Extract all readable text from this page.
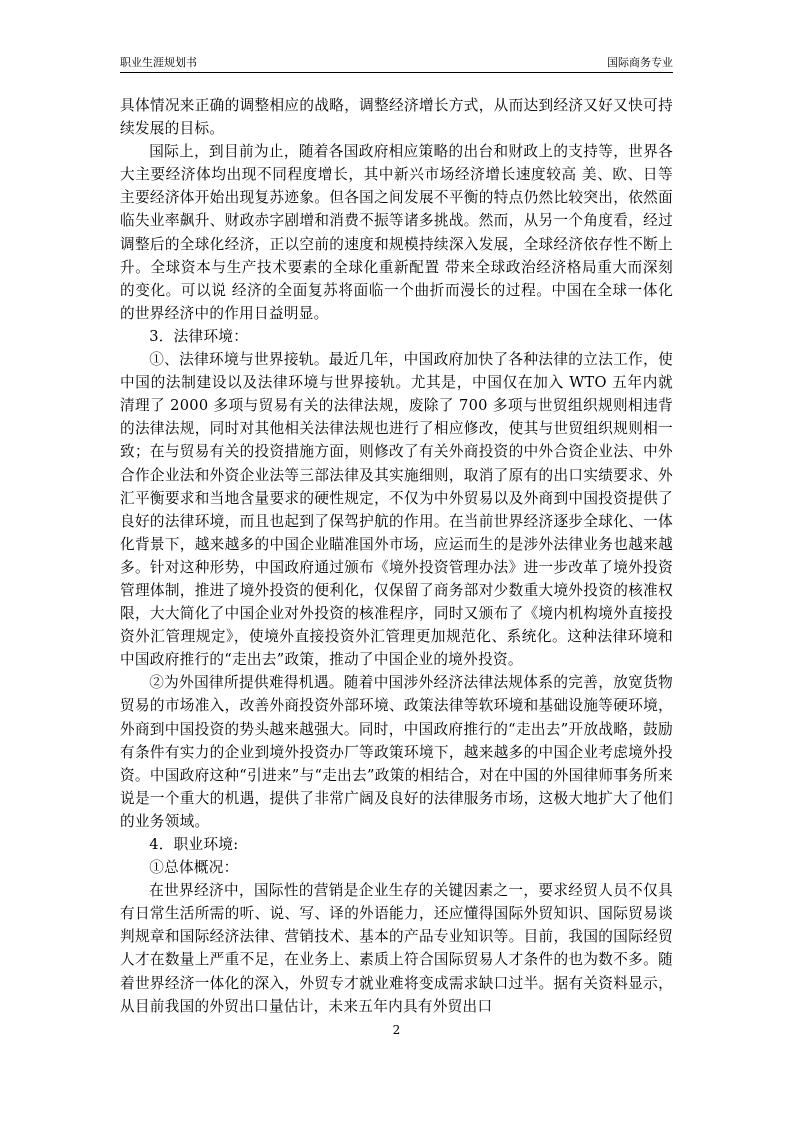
职业生涯规划书	国际商务专业

具体情况来正确的调整相应的战略，调整经济增长方式，从而达到经济又好又快可持续发展的目标。

国际上，到目前为止，随着各国政府相应策略的出台和财政上的支持等，世界各大主要经济体均出现不同程度增长，其中新兴市场经济增长速度较高 美、欧、日等主要经济体开始出现复苏迹象。但各国之间发展不平衡的特点仍然比较突出，依然面临失业率飙升、财政赤字剧增和消费不振等诸多挑战。然而，从另一个角度看，经过调整后的全球化经济，正以空前的速度和规模持续深入发展，全球经济依存性不断上升。全球资本与生产技术要素的全球化重新配置 带来全球政治经济格局重大而深刻的变化。可以说 经济的全面复苏将面临一个曲折而漫长的过程。中国在全球一体化的世界经济中的作用日益明显。

3．法律环境：

①、法律环境与世界接轨。最近几年，中国政府加快了各种法律的立法工作，使中国的法制建设以及法律环境与世界接轨。尤其是，中国仅在加入 WTO 五年内就清理了 2000 多项与贸易有关的法律法规，废除了 700 多项与世贸组织规则相违背的法律法规，同时对其他相关法律法规也进行了相应修改，使其与世贸组织规则相一致；在与贸易有关的投资措施方面，则修改了有关外商投资的中外合资企业法、中外合作企业法和外资企业法等三部法律及其实施细则，取消了原有的出口实绩要求、外汇平衡要求和当地含量要求的硬性规定，不仅为中外贸易以及外商到中国投资提供了良好的法律环境，而且也起到了保驾护航的作用。在当前世界经济逐步全球化、一体化背景下，越来越多的中国企业瞄准国外市场，应运而生的是涉外法律业务也越来越多。针对这种形势，中国政府通过颁布《境外投资管理办法》进一步改革了境外投资管理体制，推进了境外投资的便利化，仅保留了商务部对少数重大境外投资的核准权限，大大简化了中国企业对外投资的核准程序，同时又颁布了《境内机构境外直接投资外汇管理规定》，使境外直接投资外汇管理更加规范化、系统化。这种法律环境和中国政府推行的“走出去”政策，推动了中国企业的境外投资。

②为外国律所提供难得机遇。随着中国涉外经济法律法规体系的完善，放宽货物贸易的市场准入，改善外商投资外部环境、政策法律等软环境和基础设施等硬环境，外商到中国投资的势头越来越强大。同时，中国政府推行的“走出去”开放战略，鼓励有条件有实力的企业到境外投资办厂等政策环境下，越来越多的中国企业考虑境外投资。中国政府这种“引进来”与“走出去”政策的相结合，对在中国的外国律师事务所来说是一个重大的机遇，提供了非常广阔及良好的法律服务市场，这极大地扩大了他们的业务领域。

4．职业环境:

①总体概况：

在世界经济中，国际性的营销是企业生存的关键因素之一，要求经贸人员不仅具有日常生活所需的听、说、写、译的外语能力，还应懂得国际外贸知识、国际贸易谈判规章和国际经济法律、营销技术、基本的产品专业知识等。目前，我国的国际经贸人才在数量上严重不足，在业务上、素质上符合国际贸易人才条件的也为数不多。随着世界经济一体化的深入，外贸专才就业难将变成需求缺口过半。据有关资料显示，从目前我国的外贸出口量估计，未来五年内具有外贸出口

2
